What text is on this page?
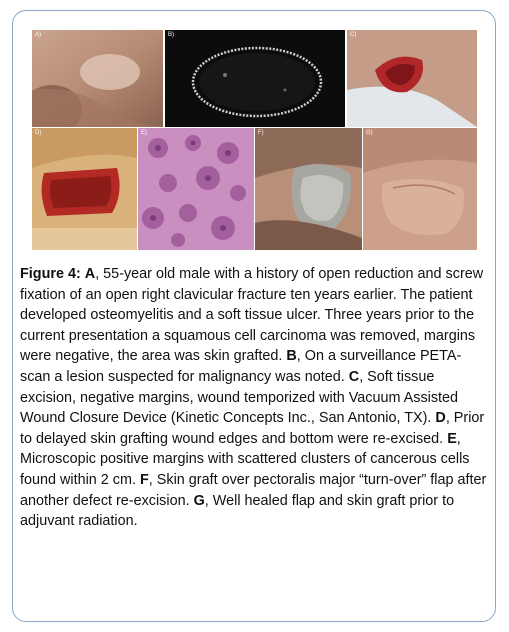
A)	B)	C)
D)	E)	F)	G)

Figure 4: A, 55-year old male with a history of open reduction and screw fixation of an open right clavicular fracture ten years earlier. The patient developed osteomyelitis and a soft tissue ulcer. Three years prior to the current presentation a squamous cell carcinoma was removed, margins were negative, the area was skin grafted. B, On a surveillance PETA-scan a lesion suspected for malignancy was noted. C, Soft tissue excision, negative margins, wound temporized with Vacuum Assisted Wound Closure Device (Kinetic Concepts Inc., San Antonio, TX). D, Prior to delayed skin grafting wound edges and bottom were re-excised. E, Microscopic positive margins with scattered clusters of cancerous cells found within 2 cm. F, Skin graft over pectoralis major “turn-over” flap after another defect re-excision. G, Well healed flap and skin graft prior to adjuvant radiation.
